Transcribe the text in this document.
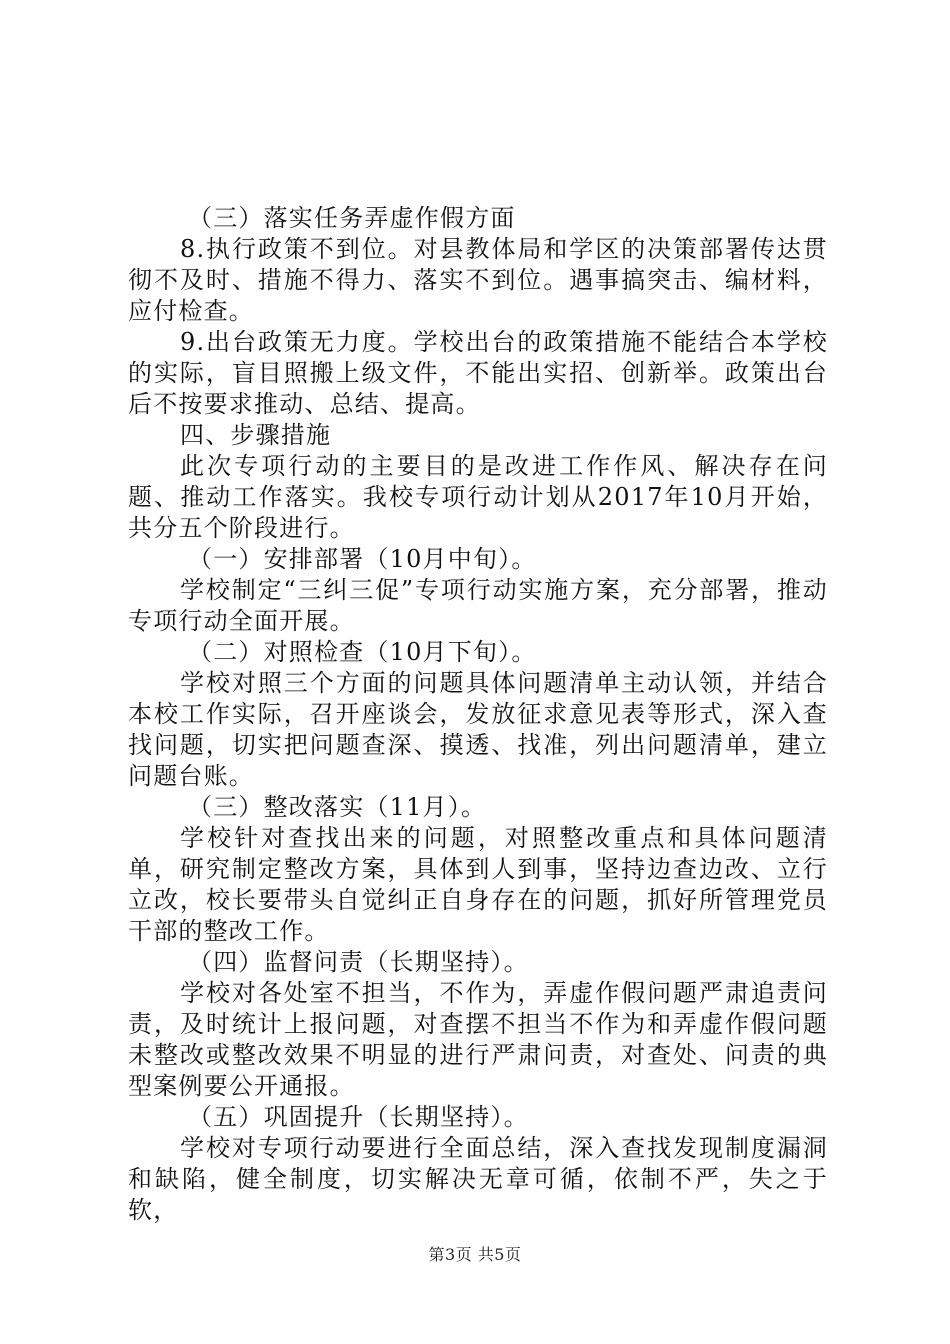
（三）落实任务弄虚作假方面

8.执行政策不到位。对县教体局和学区的决策部署传达贯彻不及时、措施不得力、落实不到位。遇事搞突击、编材料，应付检查。

9.出台政策无力度。学校出台的政策措施不能结合本学校的实际，盲目照搬上级文件，不能出实招、创新举。政策出台后不按要求推动、总结、提高。

四、步骤措施

此次专项行动的主要目的是改进工作作风、解决存在问题、推动工作落实。我校专项行动计划从2017年10月开始，共分五个阶段进行。

（一）安排部署（10月中旬）。

学校制定“三纠三促”专项行动实施方案，充分部署，推动专项行动全面开展。

（二）对照检查（10月下旬）。

学校对照三个方面的问题具体问题清单主动认领，并结合本校工作实际，召开座谈会，发放征求意见表等形式，深入查找问题，切实把问题查深、摸透、找准，列出问题清单，建立问题台账。

（三）整改落实（11月）。

学校针对查找出来的问题，对照整改重点和具体问题清单，研究制定整改方案，具体到人到事，坚持边查边改、立行立改，校长要带头自觉纠正自身存在的问题，抓好所管理党员干部的整改工作。

（四）监督问责（长期坚持）。

学校对各处室不担当，不作为，弄虚作假问题严肃追责问责，及时统计上报问题，对查摆不担当不作为和弄虚作假问题未整改或整改效果不明显的进行严肃问责，对查处、问责的典型案例要公开通报。

（五）巩固提升（长期坚持）。

学校对专项行动要进行全面总结，深入查找发现制度漏洞和缺陷，健全制度，切实解决无章可循，依制不严，失之于软，

第3页 共5页
